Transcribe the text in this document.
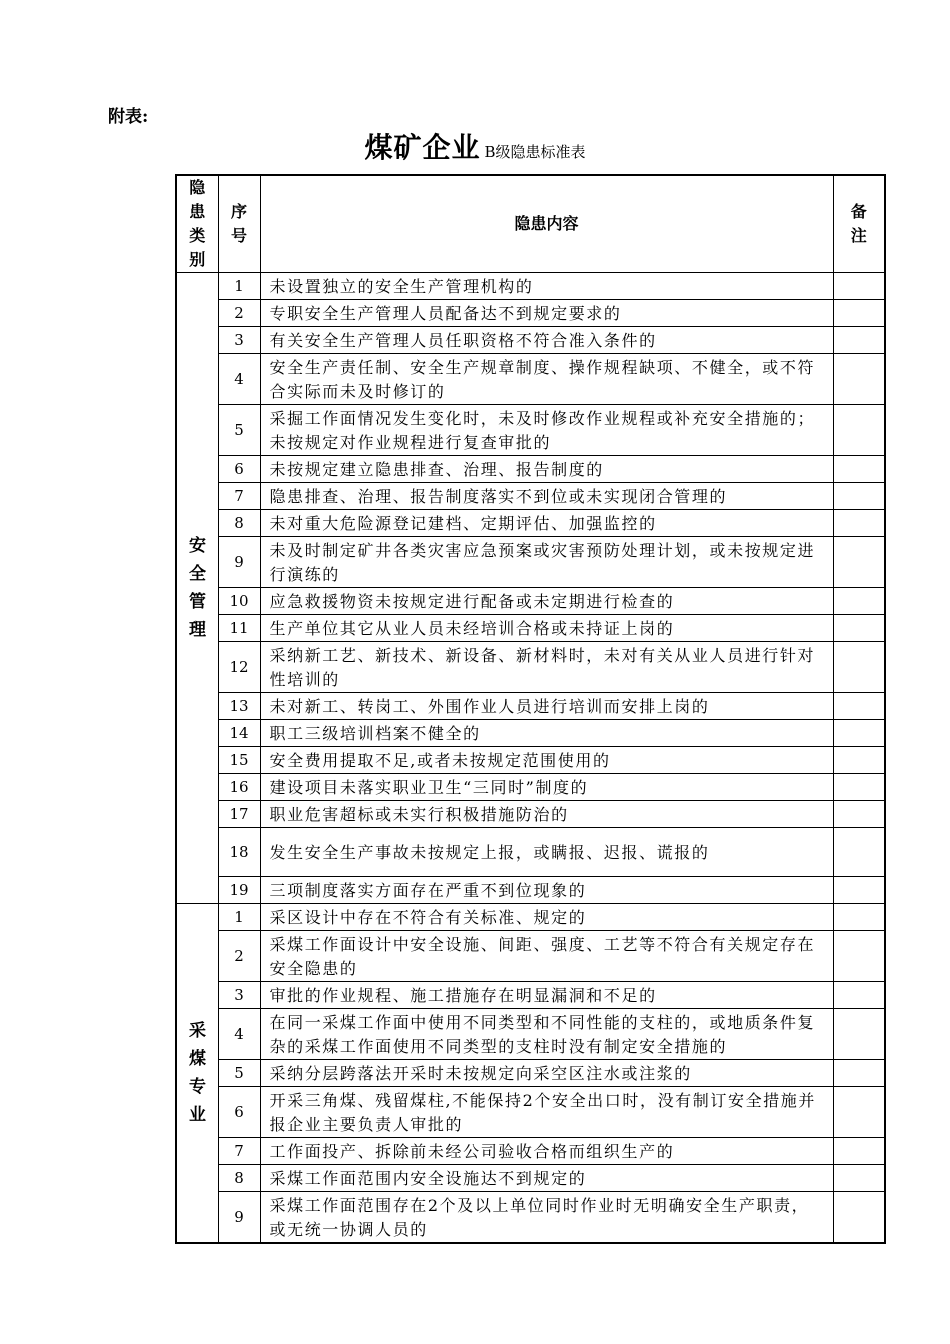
附表:
煤矿企业 B级隐患标准表
隐患类别	序号	隐患内容	备注
安全管理	1	未设置独立的安全生产管理机构的	
	2	专职安全生产管理人员配备达不到规定要求的	
	3	有关安全生产管理人员任职资格不符合准入条件的	
	4	安全生产责任制、安全生产规章制度、操作规程缺项、不健全，或不符合实际而未及时修订的	
	5	采掘工作面情况发生变化时，未及时修改作业规程或补充安全措施的；未按规定对作业规程进行复查审批的	
	6	未按规定建立隐患排查、治理、报告制度的	
	7	隐患排查、治理、报告制度落实不到位或未实现闭合管理的	
	8	未对重大危险源登记建档、定期评估、加强监控的	
	9	未及时制定矿井各类灾害应急预案或灾害预防处理计划，或未按规定进行演练的	
	10	应急救援物资未按规定进行配备或未定期进行检查的	
	11	生产单位其它从业人员未经培训合格或未持证上岗的	
	12	采纳新工艺、新技术、新设备、新材料时，未对有关从业人员进行针对性培训的	
	13	未对新工、转岗工、外围作业人员进行培训而安排上岗的	
	14	职工三级培训档案不健全的	
	15	安全费用提取不足,或者未按规定范围使用的	
	16	建设项目未落实职业卫生“三同时”制度的	
	17	职业危害超标或未实行积极措施防治的	
	18	发生安全生产事故未按规定上报，或瞒报、迟报、谎报的	
	19	三项制度落实方面存在严重不到位现象的	
采煤专业	1	采区设计中存在不符合有关标准、规定的	
	2	采煤工作面设计中安全设施、间距、强度、工艺等不符合有关规定存在安全隐患的	
	3	审批的作业规程、施工措施存在明显漏洞和不足的	
	4	在同一采煤工作面中使用不同类型和不同性能的支柱的，或地质条件复杂的采煤工作面使用不同类型的支柱时没有制定安全措施的	
	5	采纳分层跨落法开采时未按规定向采空区注水或注浆的	
	6	开采三角煤、残留煤柱,不能保持2个安全出口时，没有制订安全措施并报企业主要负责人审批的	
	7	工作面投产、拆除前未经公司验收合格而组织生产的	
	8	采煤工作面范围内安全设施达不到规定的	
	9	采煤工作面范围存在2个及以上单位同时作业时无明确安全生产职责，或无统一协调人员的	
